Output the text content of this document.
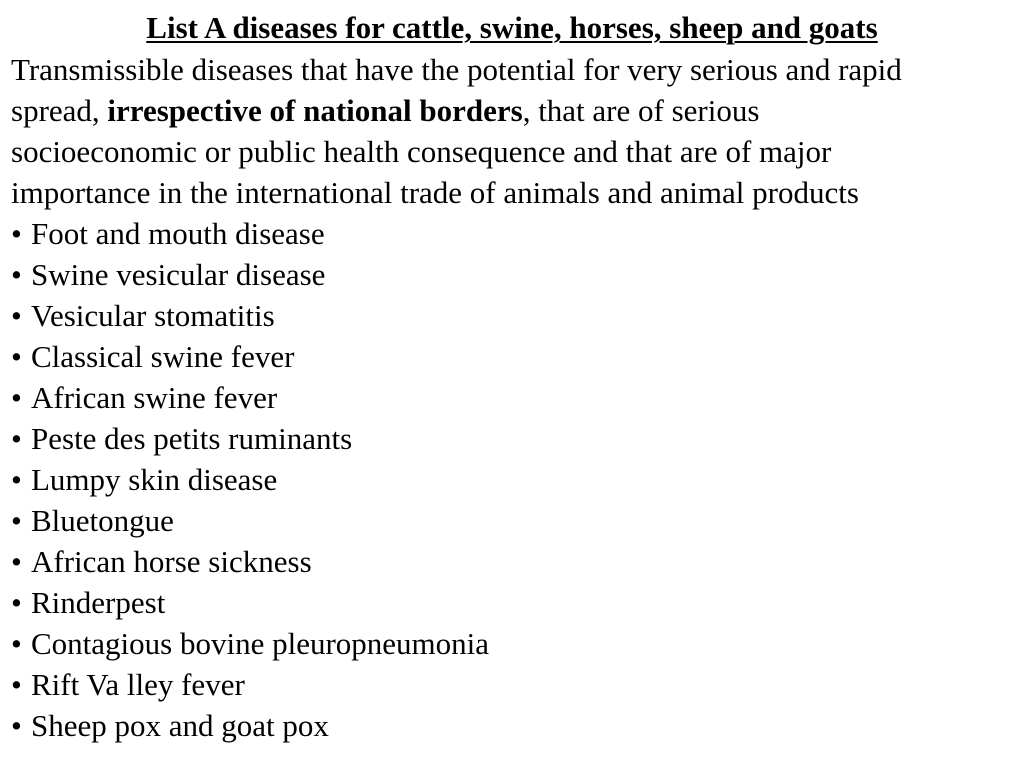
List A diseases for cattle, swine, horses, sheep and goats

Transmissible diseases that have the potential for very serious and rapid
spread, irrespective of national borders, that are of serious
socioeconomic or public health consequence and that are of major
importance in the international trade of animals and animal products

• Foot and mouth disease
• Swine vesicular disease
• Vesicular stomatitis
• Classical swine fever
• African swine fever
• Peste des petits ruminants
• Lumpy skin disease
• Bluetongue
• African horse sickness
• Rinderpest
• Contagious bovine pleuropneumonia
• Rift Va lley fever
• Sheep pox and goat pox
